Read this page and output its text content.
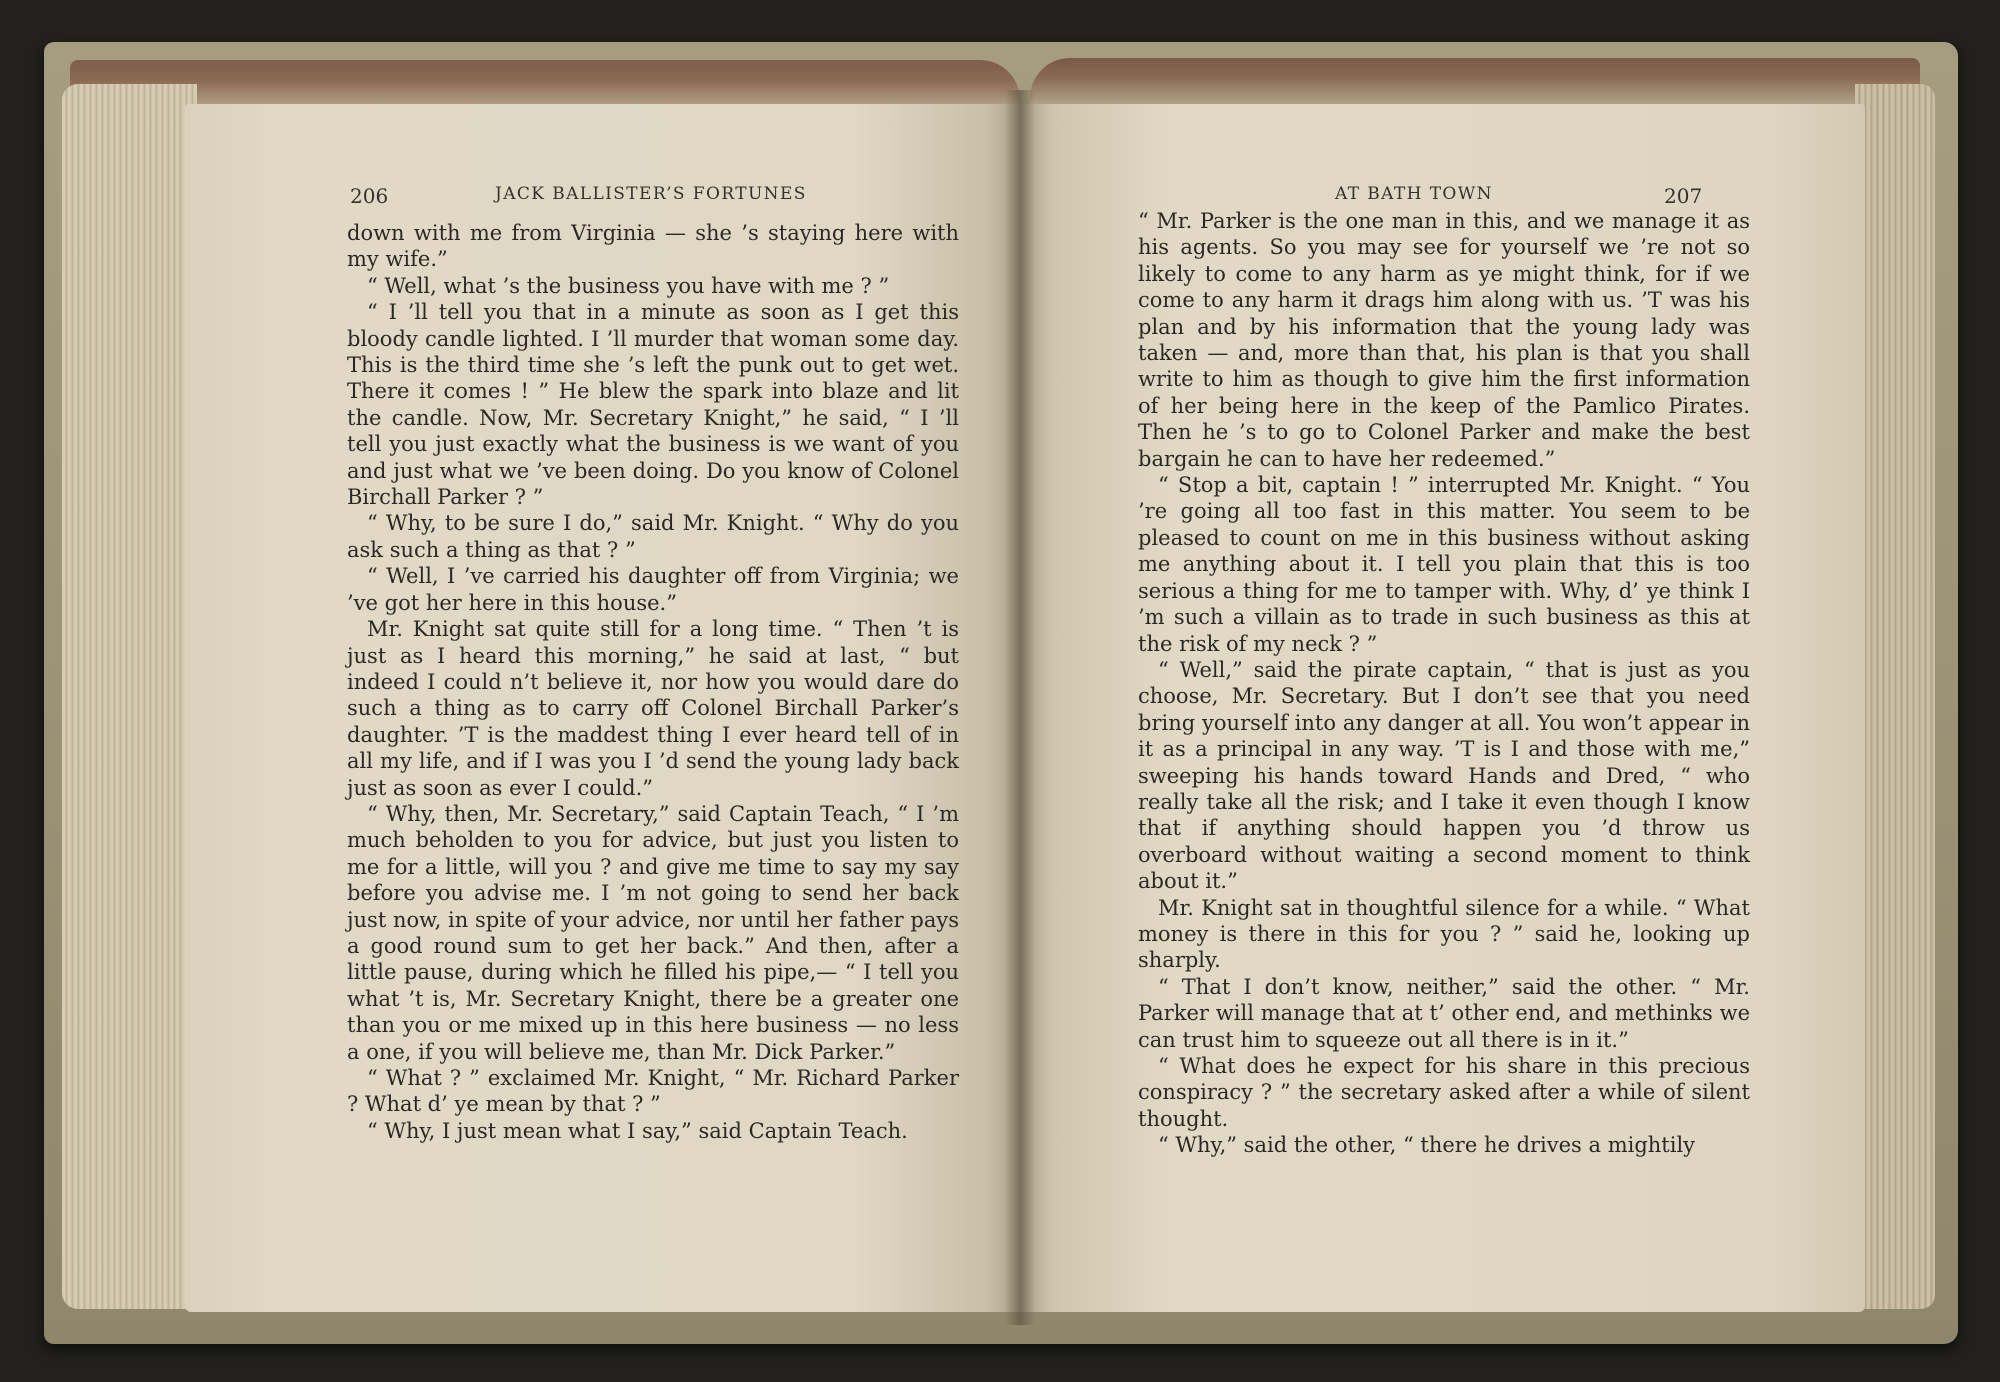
206	JACK BALLISTER’S FORTUNES

down with me from Virginia — she ’s staying here with my wife.”

“ Well, what ’s the business you have with me ? ”

“ I ’ll tell you that in a minute as soon as I get this bloody candle lighted. I ’ll murder that woman some day. This is the third time she ’s left the punk out to get wet. There it comes ! ” He blew the spark into blaze and lit the candle. Now, Mr. Secretary Knight,” he said, “ I ’ll tell you just exactly what the business is we want of you and just what we ’ve been doing. Do you know of Colonel Birchall Parker ? ”

“ Why, to be sure I do,” said Mr. Knight. “ Why do you ask such a thing as that ? ”

“ Well, I ’ve carried his daughter off from Virginia; we ’ve got her here in this house.”

Mr. Knight sat quite still for a long time. “ Then ’t is just as I heard this morning,” he said at last, “ but indeed I could n’t believe it, nor how you would dare do such a thing as to carry off Colonel Birchall Parker’s daughter. ’T is the maddest thing I ever heard tell of in all my life, and if I was you I ’d send the young lady back just as soon as ever I could.”

“ Why, then, Mr. Secretary,” said Captain Teach, “ I ’m much beholden to you for advice, but just you listen to me for a little, will you ? and give me time to say my say before you advise me. I ’m not going to send her back just now, in spite of your advice, nor until her father pays a good round sum to get her back.” And then, after a little pause, during which he filled his pipe,— “ I tell you what ’t is, Mr. Secretary Knight, there be a greater one than you or me mixed up in this here business — no less a one, if you will believe me, than Mr. Dick Parker.”

“ What ? ” exclaimed Mr. Knight, “ Mr. Richard Parker ? What d’ ye mean by that ? ”

“ Why, I just mean what I say,” said Captain Teach.

AT BATH TOWN	207

“ Mr. Parker is the one man in this, and we manage it as his agents. So you may see for yourself we ’re not so likely to come to any harm as ye might think, for if we come to any harm it drags him along with us. ’T was his plan and by his information that the young lady was taken — and, more than that, his plan is that you shall write to him as though to give him the first information of her being here in the keep of the Pamlico Pirates. Then he ’s to go to Colonel Parker and make the best bargain he can to have her redeemed.”

“ Stop a bit, captain ! ” interrupted Mr. Knight. “ You ’re going all too fast in this matter. You seem to be pleased to count on me in this business without asking me anything about it. I tell you plain that this is too serious a thing for me to tamper with. Why, d’ ye think I ’m such a villain as to trade in such business as this at the risk of my neck ? ”

“ Well,” said the pirate captain, “ that is just as you choose, Mr. Secretary. But I don’t see that you need bring yourself into any danger at all. You won’t appear in it as a principal in any way. ’T is I and those with me,” sweeping his hands toward Hands and Dred, “ who really take all the risk; and I take it even though I know that if anything should happen you ’d throw us overboard without waiting a second moment to think about it.”

Mr. Knight sat in thoughtful silence for a while. “ What money is there in this for you ? ” said he, looking up sharply.

“ That I don’t know, neither,” said the other. “ Mr. Parker will manage that at t’ other end, and methinks we can trust him to squeeze out all there is in it.”

“ What does he expect for his share in this precious conspiracy ? ” the secretary asked after a while of silent thought.

“ Why,” said the other, “ there he drives a mightily
